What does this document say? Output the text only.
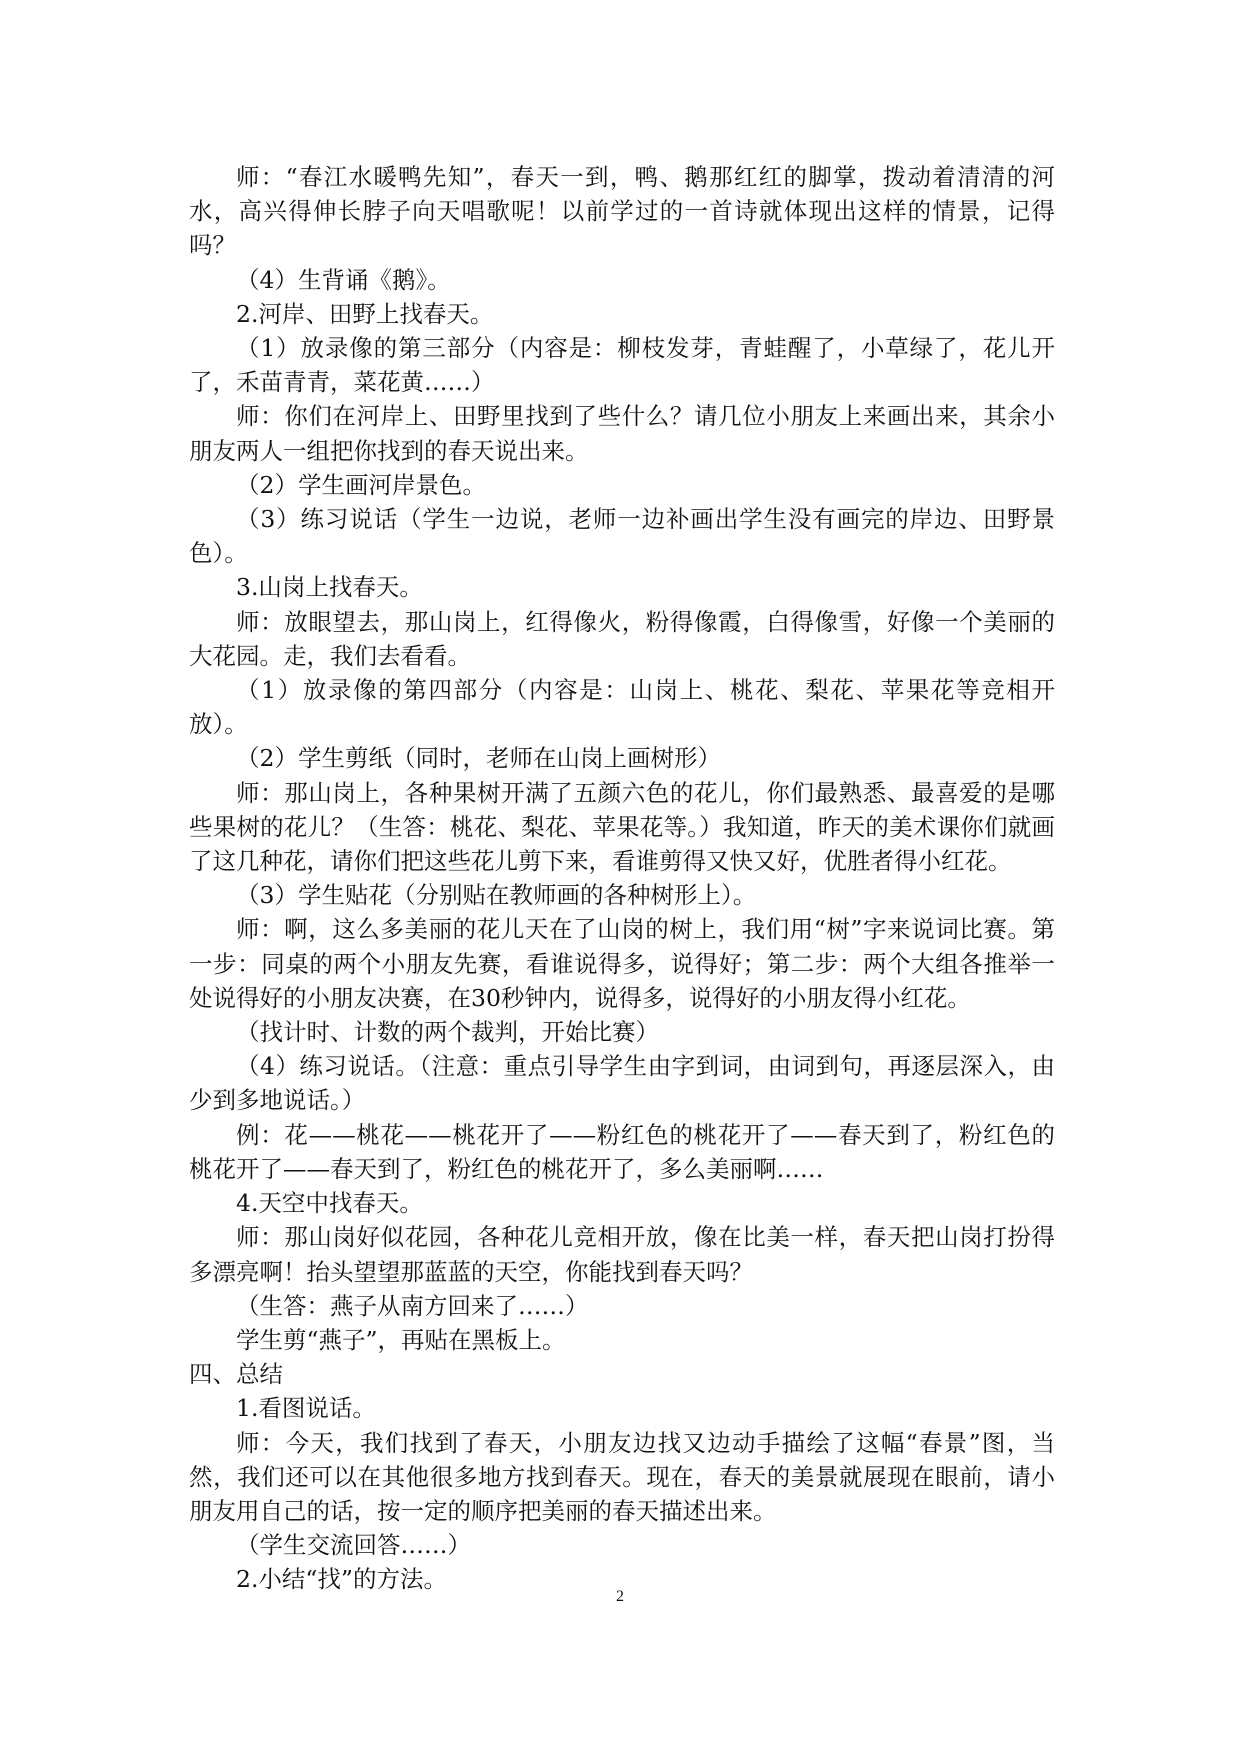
师：“春江水暖鸭先知”，春天一到，鸭、鹅那红红的脚掌，拨动着清清的河水，高兴得伸长脖子向天唱歌呢！以前学过的一首诗就体现出这样的情景，记得吗？

（4）生背诵《鹅》。

2.河岸、田野上找春天。

（1）放录像的第三部分（内容是：柳枝发芽，青蛙醒了，小草绿了，花儿开了，禾苗青青，菜花黄……）

师：你们在河岸上、田野里找到了些什么？请几位小朋友上来画出来，其余小朋友两人一组把你找到的春天说出来。

（2）学生画河岸景色。

（3）练习说话（学生一边说，老师一边补画出学生没有画完的岸边、田野景色）。

3.山岗上找春天。

师：放眼望去，那山岗上，红得像火，粉得像霞，白得像雪，好像一个美丽的大花园。走，我们去看看。

（1）放录像的第四部分（内容是：山岗上、桃花、梨花、苹果花等竞相开放）。

（2）学生剪纸（同时，老师在山岗上画树形）

师：那山岗上，各种果树开满了五颜六色的花儿，你们最熟悉、最喜爱的是哪些果树的花儿？（生答：桃花、梨花、苹果花等。）我知道，昨天的美术课你们就画了这几种花，请你们把这些花儿剪下来，看谁剪得又快又好，优胜者得小红花。

（3）学生贴花（分别贴在教师画的各种树形上）。

师：啊，这么多美丽的花儿天在了山岗的树上，我们用“树”字来说词比赛。第一步：同桌的两个小朋友先赛，看谁说得多，说得好；第二步：两个大组各推举一处说得好的小朋友决赛，在30秒钟内，说得多，说得好的小朋友得小红花。

（找计时、计数的两个裁判，开始比赛）

（4）练习说话。（注意：重点引导学生由字到词，由词到句，再逐层深入，由少到多地说话。）

例：花——桃花——桃花开了——粉红色的桃花开了——春天到了，粉红色的桃花开了——春天到了，粉红色的桃花开了，多么美丽啊……

4.天空中找春天。

师：那山岗好似花园，各种花儿竞相开放，像在比美一样，春天把山岗打扮得多漂亮啊！抬头望望那蓝蓝的天空，你能找到春天吗？

（生答：燕子从南方回来了……）

学生剪“燕子”，再贴在黑板上。

四、总结

1.看图说话。

师：今天，我们找到了春天，小朋友边找又边动手描绘了这幅“春景”图，当然，我们还可以在其他很多地方找到春天。现在，春天的美景就展现在眼前，请小朋友用自己的话，按一定的顺序把美丽的春天描述出来。

（学生交流回答……）

2.小结“找”的方法。

2
